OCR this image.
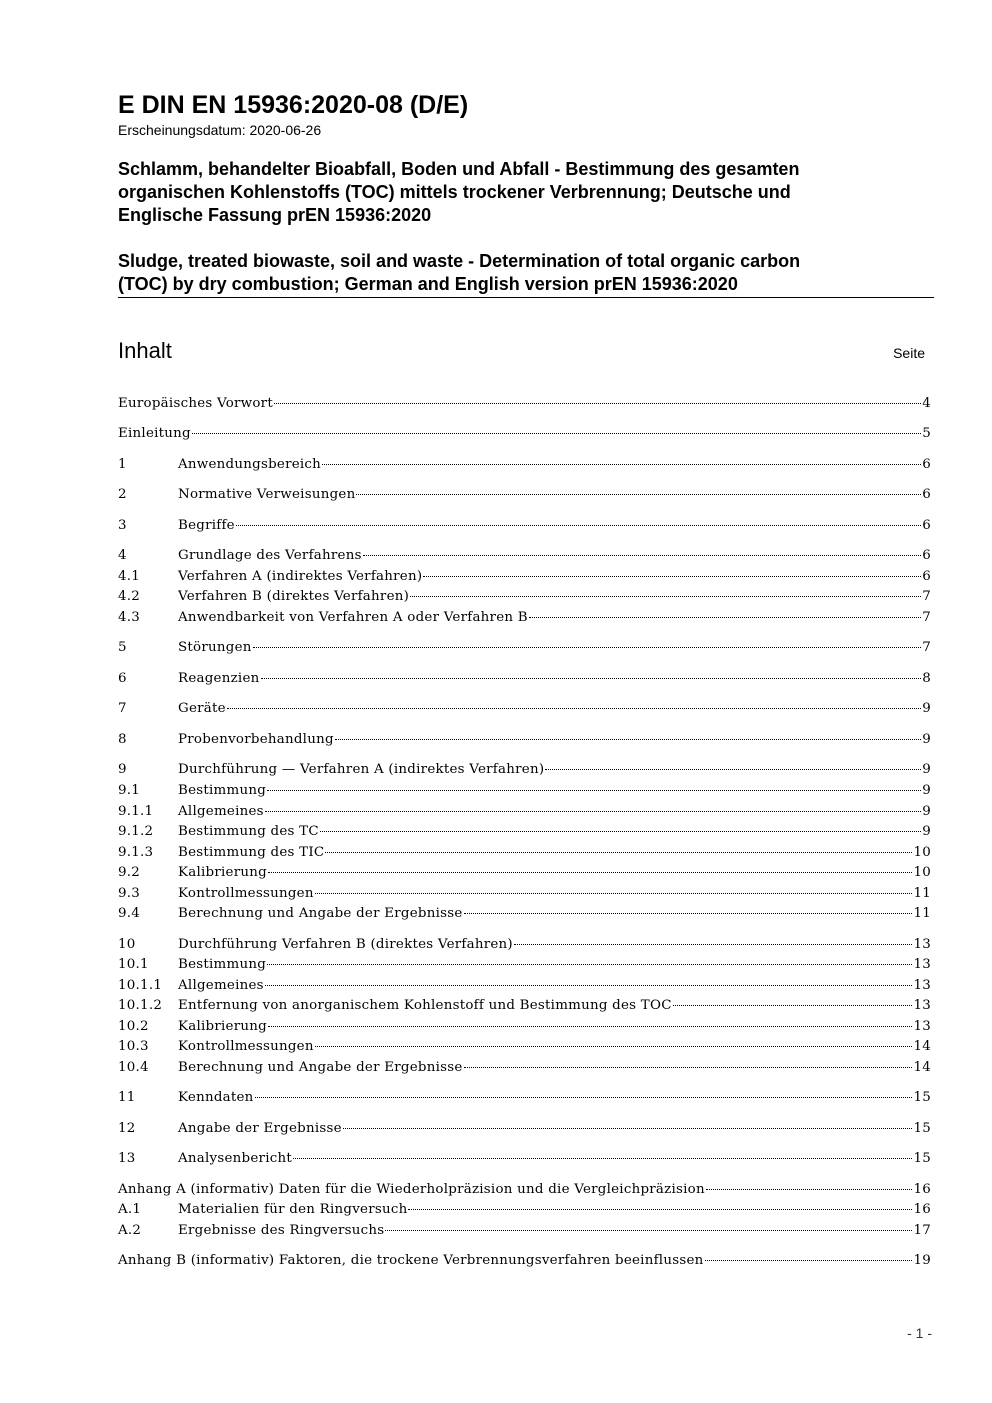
E DIN EN 15936:2020-08 (D/E)
Erscheinungsdatum: 2020-06-26
Schlamm, behandelter Bioabfall, Boden und Abfall - Bestimmung des gesamten
organischen Kohlenstoffs (TOC) mittels trockener Verbrennung; Deutsche und
Englische Fassung prEN 15936:2020
Sludge, treated biowaste, soil and waste - Determination of total organic carbon
(TOC) by dry combustion; German and English version prEN 15936:2020
Inhalt	Seite
Europäisches Vorwort	4
Einleitung	5
1	Anwendungsbereich	6
2	Normative Verweisungen	6
3	Begriffe	6
4	Grundlage des Verfahrens	6
4.1	Verfahren A (indirektes Verfahren)	6
4.2	Verfahren B (direktes Verfahren)	7
4.3	Anwendbarkeit von Verfahren A oder Verfahren B	7
5	Störungen	7
6	Reagenzien	8
7	Geräte	9
8	Probenvorbehandlung	9
9	Durchführung — Verfahren A (indirektes Verfahren)	9
9.1	Bestimmung	9
9.1.1	Allgemeines	9
9.1.2	Bestimmung des TC	9
9.1.3	Bestimmung des TIC	10
9.2	Kalibrierung	10
9.3	Kontrollmessungen	11
9.4	Berechnung und Angabe der Ergebnisse	11
10	Durchführung Verfahren B (direktes Verfahren)	13
10.1	Bestimmung	13
10.1.1	Allgemeines	13
10.1.2	Entfernung von anorganischem Kohlenstoff und Bestimmung des TOC	13
10.2	Kalibrierung	13
10.3	Kontrollmessungen	14
10.4	Berechnung und Angabe der Ergebnisse	14
11	Kenndaten	15
12	Angabe der Ergebnisse	15
13	Analysenbericht	15
Anhang A (informativ) Daten für die Wiederholpräzision und die Vergleichpräzision	16
A.1	Materialien für den Ringversuch	16
A.2	Ergebnisse des Ringversuchs	17
Anhang B (informativ) Faktoren, die trockene Verbrennungsverfahren beeinflussen	19
- 1 -
